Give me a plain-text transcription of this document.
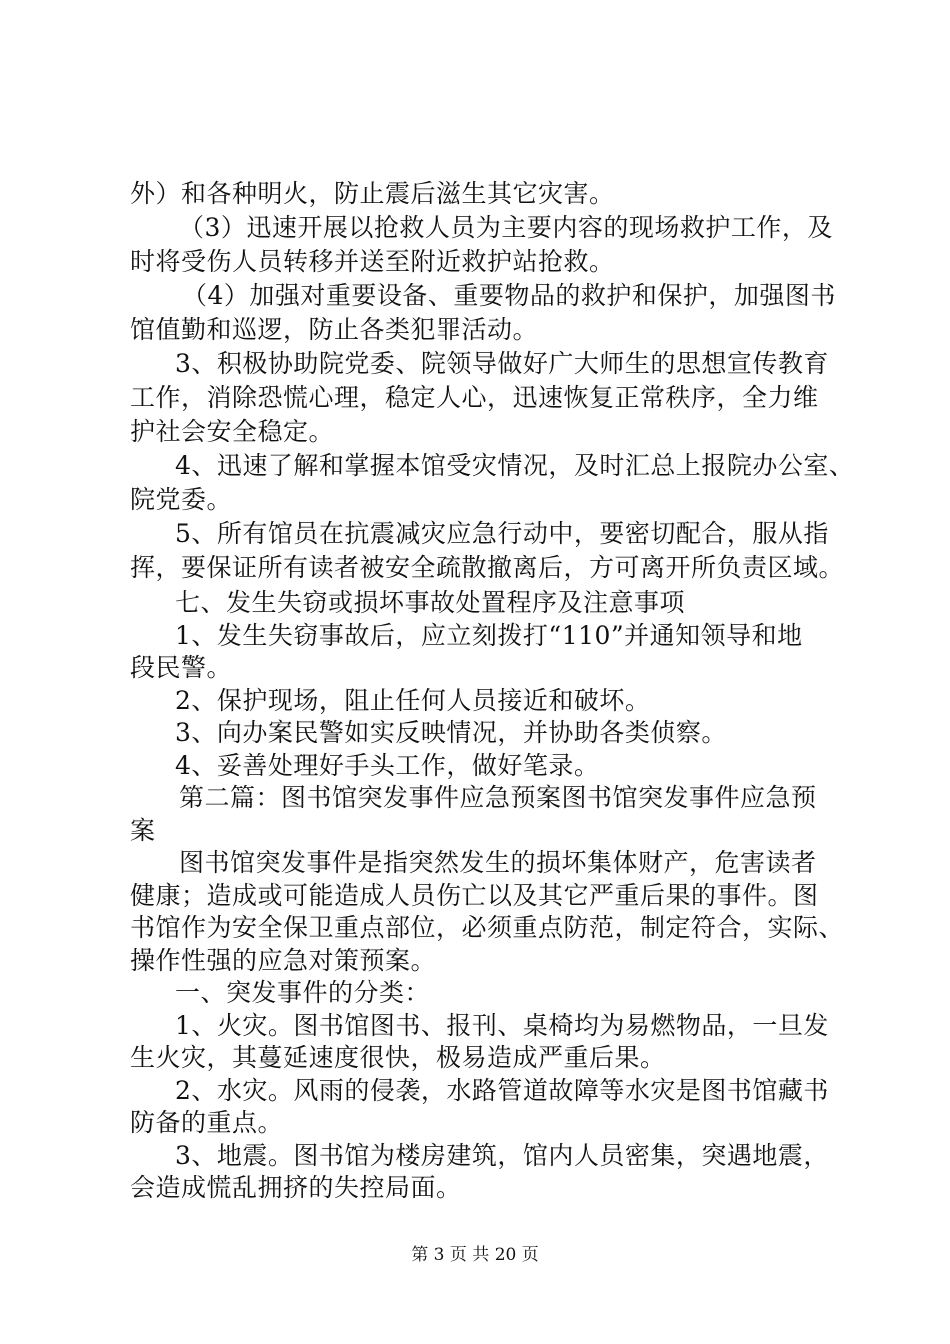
外）和各种明火，防止震后滋生其它灾害。
（3）迅速开展以抢救人员为主要内容的现场救护工作，及
时将受伤人员转移并送至附近救护站抢救。
（4）加强对重要设备、重要物品的救护和保护，加强图书
馆值勤和巡逻，防止各类犯罪活动。
3、积极协助院党委、院领导做好广大师生的思想宣传教育
工作，消除恐慌心理，稳定人心，迅速恢复正常秩序，全力维
护社会安全稳定。
4、迅速了解和掌握本馆受灾情况，及时汇总上报院办公室、
院党委。
5、所有馆员在抗震减灾应急行动中，要密切配合，服从指
挥，要保证所有读者被安全疏散撤离后，方可离开所负责区域。
七、发生失窃或损坏事故处置程序及注意事项
1、发生失窃事故后，应立刻拨打“110”并通知领导和地
段民警。
2、保护现场，阻止任何人员接近和破坏。
3、向办案民警如实反映情况，并协助各类侦察。
4、妥善处理好手头工作，做好笔录。
第二篇：图书馆突发事件应急预案图书馆突发事件应急预
案
图书馆突发事件是指突然发生的损坏集体财产，危害读者
健康；造成或可能造成人员伤亡以及其它严重后果的事件。图
书馆作为安全保卫重点部位，必须重点防范，制定符合，实际、
操作性强的应急对策预案。
一、突发事件的分类：
1、火灾。图书馆图书、报刊、桌椅均为易燃物品，一旦发
生火灾，其蔓延速度很快，极易造成严重后果。
2、水灾。风雨的侵袭，水路管道故障等水灾是图书馆藏书
防备的重点。
3、地震。图书馆为楼房建筑，馆内人员密集，突遇地震，
会造成慌乱拥挤的失控局面。
第 3 页 共 20 页
